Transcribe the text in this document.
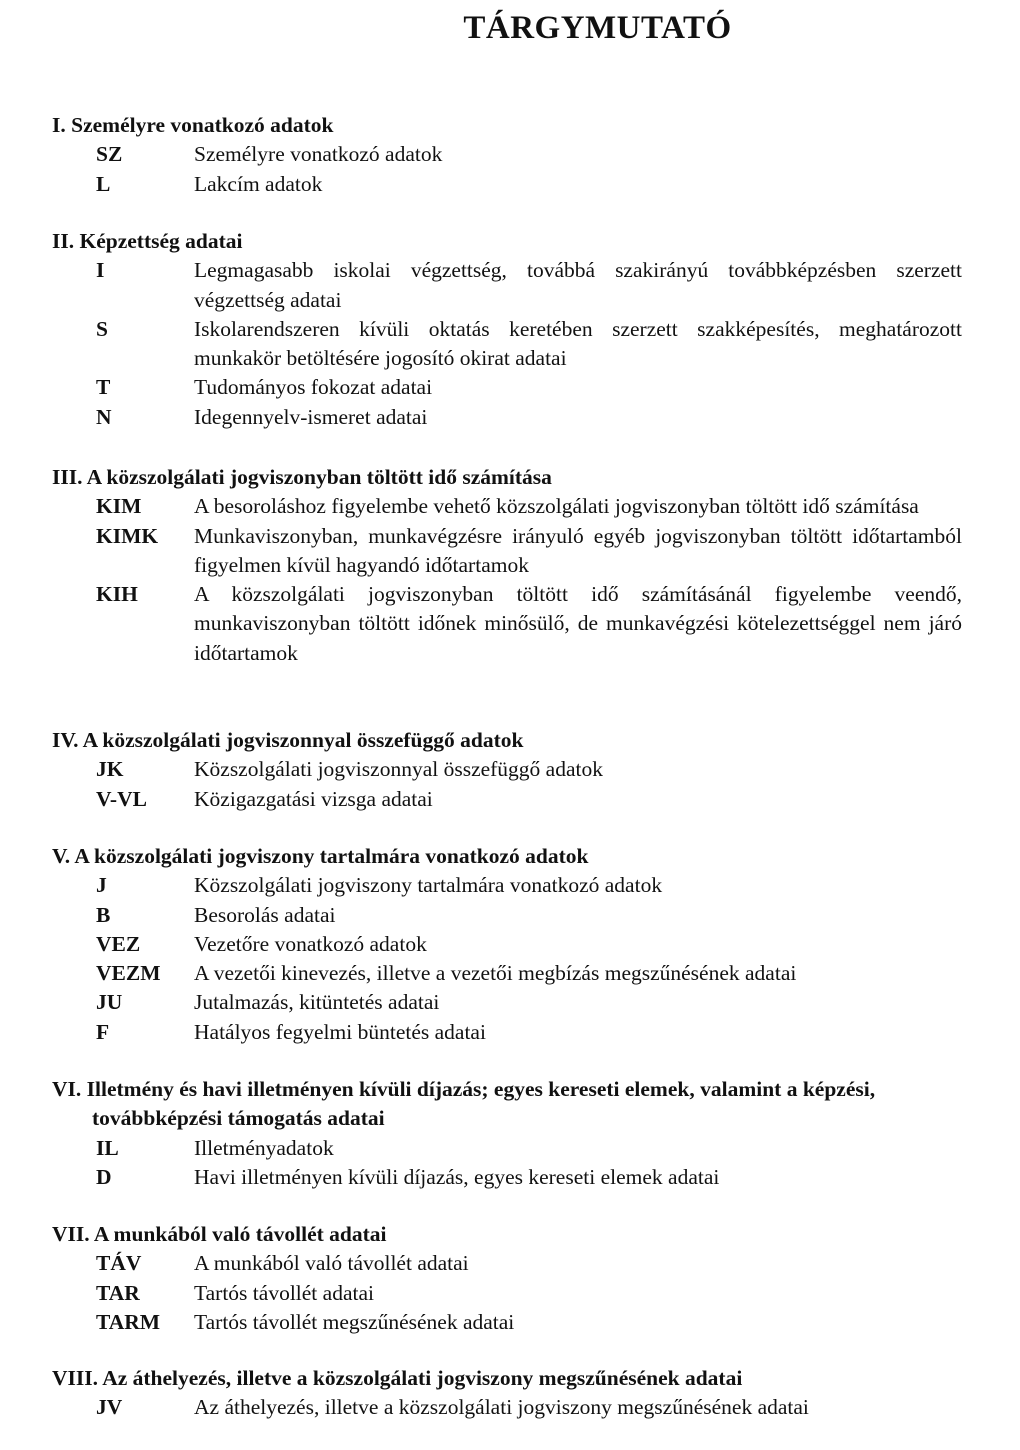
TÁRGYMUTATÓ
I. Személyre vonatkozó adatok
SZ	Személyre vonatkozó adatok
L	Lakcím adatok
II. Képzettség adatai
I	Legmagasabb iskolai végzettség, továbbá szakirányú továbbképzésben szerzett végzettség adatai
S	Iskolarendszeren kívüli oktatás keretében szerzett szakképesítés, meghatározott munkakör betöltésére jogosító okirat adatai
T	Tudományos fokozat adatai
N	Idegennyelv-ismeret adatai
III. A közszolgálati jogviszonyban töltött idő számítása
KIM	A besoroláshoz figyelembe vehető közszolgálati jogviszonyban töltött idő számítása
KIMK	Munkaviszonyban, munkavégzésre irányuló egyéb jogviszonyban töltött időtartamból figyelmen kívül hagyandó időtartamok
KIH	A közszolgálati jogviszonyban töltött idő számításánál figyelembe veendő, munkaviszonyban töltött időnek minősülő, de munkavégzési kötelezettséggel nem járó időtartamok
IV. A közszolgálati jogviszonnyal összefüggő adatok
JK	Közszolgálati jogviszonnyal összefüggő adatok
V-VL	Közigazgatási vizsga adatai
V. A közszolgálati jogviszony tartalmára vonatkozó adatok
J	Közszolgálati jogviszony tartalmára vonatkozó adatok
B	Besorolás adatai
VEZ	Vezetőre vonatkozó adatok
VEZM	A vezetői kinevezés, illetve a vezetői megbízás megszűnésének adatai
JU	Jutalmazás, kitüntetés adatai
F	Hatályos fegyelmi büntetés adatai
VI. Illetmény és havi illetményen kívüli díjazás; egyes kereseti elemek, valamint a képzési, továbbképzési támogatás adatai
IL	Illetményadatok
D	Havi illetményen kívüli díjazás, egyes kereseti elemek adatai
VII. A munkából való távollét adatai
TÁV	A munkából való távollét adatai
TAR	Tartós távollét adatai
TARM	Tartós távollét megszűnésének adatai
VIII. Az áthelyezés, illetve a közszolgálati jogviszony megszűnésének adatai
JV	Az áthelyezés, illetve a közszolgálati jogviszony megszűnésének adatai
